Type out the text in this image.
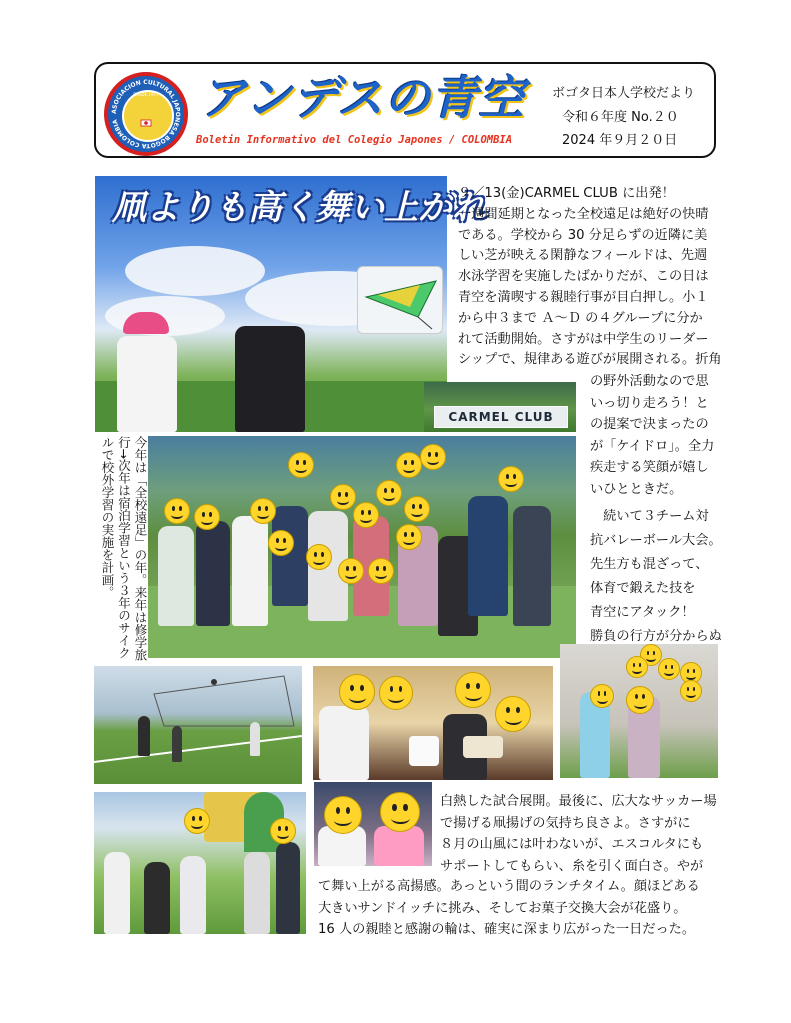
ASOCIACION CULTURAL JAPONESA BOGOTA COLOMBIA
DESDE 1977 アンデスの青空
Boletin Informativo del Colegio Japones / COLOMBIA
ボゴタ日本人学校だより
令和６年度 No.２０
2024 年９月２０日
凧よりも高く舞い上がれ
CARMEL CLUB
９／13(金)CARMEL CLUB に出発！
一週間延期となった全校遠足は絶好の快晴
である。学校から 30 分足らずの近隣に美
しい芝が映える閑静なフィールドは、先週
水泳学習を実施したばかりだが、この日は
青空を満喫する親睦行事が目白押し。小１
から中３まで Ａ～Ｄ の４グループに分か
れて活動開始。さすがは中学生のリーダー
シップで、規律ある遊びが展開される。折角
の野外活動なので思
いっ切り走ろう！と
の提案で決まったの
が「ケイドロ」。全力
疾走する笑顔が嬉し
いひとときだ。
　続いて３チーム対
抗バレーボール大会。
先生方も混ざって、
体育で鍛えた技を
青空にアタック！
勝負の行方が分からぬ
今年は「全校遠足」の年。来年は修学旅行→次年は宿泊学習という３年のサイクルで校外学習の実施を計画。
白熱した試合展開。最後に、広大なサッカー場
で揚げる凧揚げの気持ち良さよ。さすがに
８月の山風には叶わないが、エスコルタにも
サポートしてもらい、糸を引く面白さ。やが
て舞い上がる高揚感。あっという間のランチタイム。顔ほどある
大きいサンドイッチに挑み、そしてお菓子交換大会が花盛り。
16 人の親睦と感謝の輪は、確実に深まり広がった一日だった。
